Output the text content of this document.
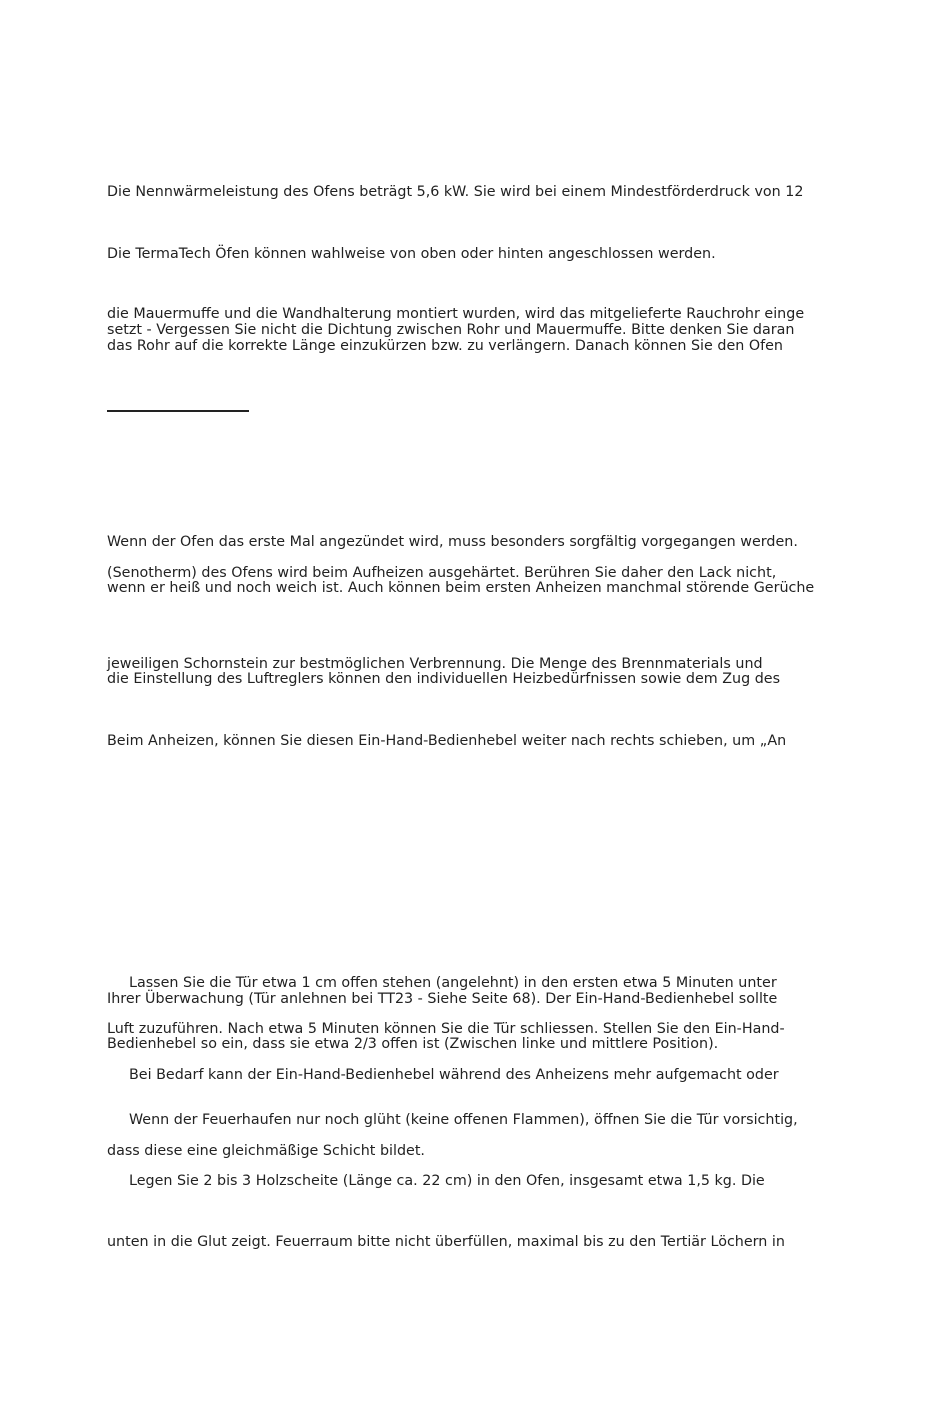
Die Nennwärmeleistung des Ofens beträgt 5,6 kW. Sie wird bei einem Mindestförderdruck von 12

Die TermaTech Öfen können wahlweise von oben oder hinten angeschlossen werden.

die Mauermuffe und die Wandhalterung montiert wurden, wird das mitgelieferte Rauchrohr einge

setzt - Vergessen Sie nicht die Dichtung zwischen Rohr und Mauermuffe. Bitte denken Sie daran

das Rohr auf die korrekte Länge einzukürzen bzw. zu verlängern. Danach können Sie den Ofen

Wenn der Ofen das erste Mal angezündet wird, muss besonders sorgfältig vorgegangen werden.

(Senotherm) des Ofens wird beim Aufheizen ausgehärtet. Berühren Sie daher den Lack nicht,

wenn er heiß und noch weich ist. Auch können beim ersten Anheizen manchmal störende Gerüche

jeweiligen Schornstein zur bestmöglichen Verbrennung. Die Menge des Brennmaterials und

die Einstellung des Luftreglers können den individuellen Heizbedürfnissen sowie dem Zug des

Beim Anheizen, können Sie diesen Ein-Hand-Bedienhebel weiter nach rechts schieben, um „An

Lassen Sie die Tür etwa 1 cm offen stehen (angelehnt) in den ersten etwa 5 Minuten unter

Ihrer Überwachung (Tür anlehnen bei TT23 - Siehe Seite 68). Der Ein-Hand-Bedienhebel sollte

Luft zuzuführen. Nach etwa 5 Minuten können Sie die Tür schliessen. Stellen Sie den Ein-Hand-

Bedienhebel so ein, dass sie etwa 2/3 offen ist (Zwischen linke und mittlere Position).

Bei Bedarf kann der Ein-Hand-Bedienhebel während des Anheizens mehr aufgemacht oder

Wenn der Feuerhaufen nur noch glüht (keine offenen Flammen), öffnen Sie die Tür vorsichtig,

dass diese eine gleichmäßige Schicht bildet.

Legen Sie 2 bis 3 Holzscheite (Länge ca. 22 cm) in den Ofen, insgesamt etwa 1,5 kg. Die

unten in die Glut zeigt. Feuerraum bitte nicht überfüllen, maximal bis zu den Tertiär Löchern in
